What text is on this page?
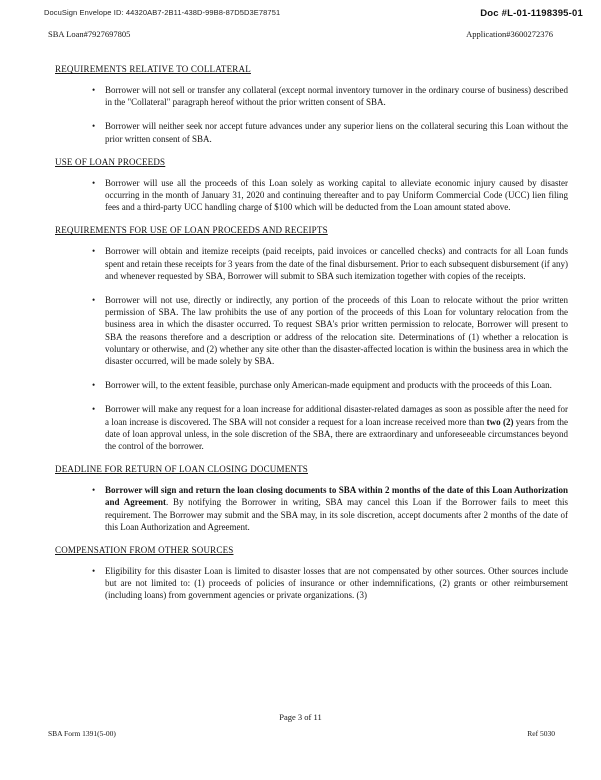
DocuSign Envelope ID: 44320AB7-2B11-438D-99B8-87D5D3E78751	Doc #L-01-1198395-01
SBA Loan#7927697805	Application#3600272376
REQUIREMENTS RELATIVE TO COLLATERAL
•	Borrower will not sell or transfer any collateral (except normal inventory turnover in the ordinary course of business) described in the "Collateral" paragraph hereof without the prior written consent of SBA.
•	Borrower will neither seek nor accept future advances under any superior liens on the collateral securing this Loan without the prior written consent of SBA.
USE OF LOAN PROCEEDS
•	Borrower will use all the proceeds of this Loan solely as working capital to alleviate economic injury caused by disaster occurring in the month of January 31, 2020 and continuing thereafter and to pay Uniform Commercial Code (UCC) lien filing fees and a third-party UCC handling charge of $100 which will be deducted from the Loan amount stated above.
REQUIREMENTS FOR USE OF LOAN PROCEEDS AND RECEIPTS
•	Borrower will obtain and itemize receipts (paid receipts, paid invoices or cancelled checks) and contracts for all Loan funds spent and retain these receipts for 3 years from the date of the final disbursement. Prior to each subsequent disbursement (if any) and whenever requested by SBA, Borrower will submit to SBA such itemization together with copies of the receipts.
•	Borrower will not use, directly or indirectly, any portion of the proceeds of this Loan to relocate without the prior written permission of SBA. The law prohibits the use of any portion of the proceeds of this Loan for voluntary relocation from the business area in which the disaster occurred. To request SBA's prior written permission to relocate, Borrower will present to SBA the reasons therefore and a description or address of the relocation site. Determinations of (1) whether a relocation is voluntary or otherwise, and (2) whether any site other than the disaster-affected location is within the business area in which the disaster occurred, will be made solely by SBA.
•	Borrower will, to the extent feasible, purchase only American-made equipment and products with the proceeds of this Loan.
•	Borrower will make any request for a loan increase for additional disaster-related damages as soon as possible after the need for a loan increase is discovered. The SBA will not consider a request for a loan increase received more than two (2) years from the date of loan approval unless, in the sole discretion of the SBA, there are extraordinary and unforeseeable circumstances beyond the control of the borrower.
DEADLINE FOR RETURN OF LOAN CLOSING DOCUMENTS
•	Borrower will sign and return the loan closing documents to SBA within 2 months of the date of this Loan Authorization and Agreement. By notifying the Borrower in writing, SBA may cancel this Loan if the Borrower fails to meet this requirement. The Borrower may submit and the SBA may, in its sole discretion, accept documents after 2 months of the date of this Loan Authorization and Agreement.
COMPENSATION FROM OTHER SOURCES
•	Eligibility for this disaster Loan is limited to disaster losses that are not compensated by other sources. Other sources include but are not limited to: (1) proceeds of policies of insurance or other indemnifications, (2) grants or other reimbursement (including loans) from government agencies or private organizations. (3)
Page 3 of 11
SBA Form 1391(5-00)	Ref 5030
